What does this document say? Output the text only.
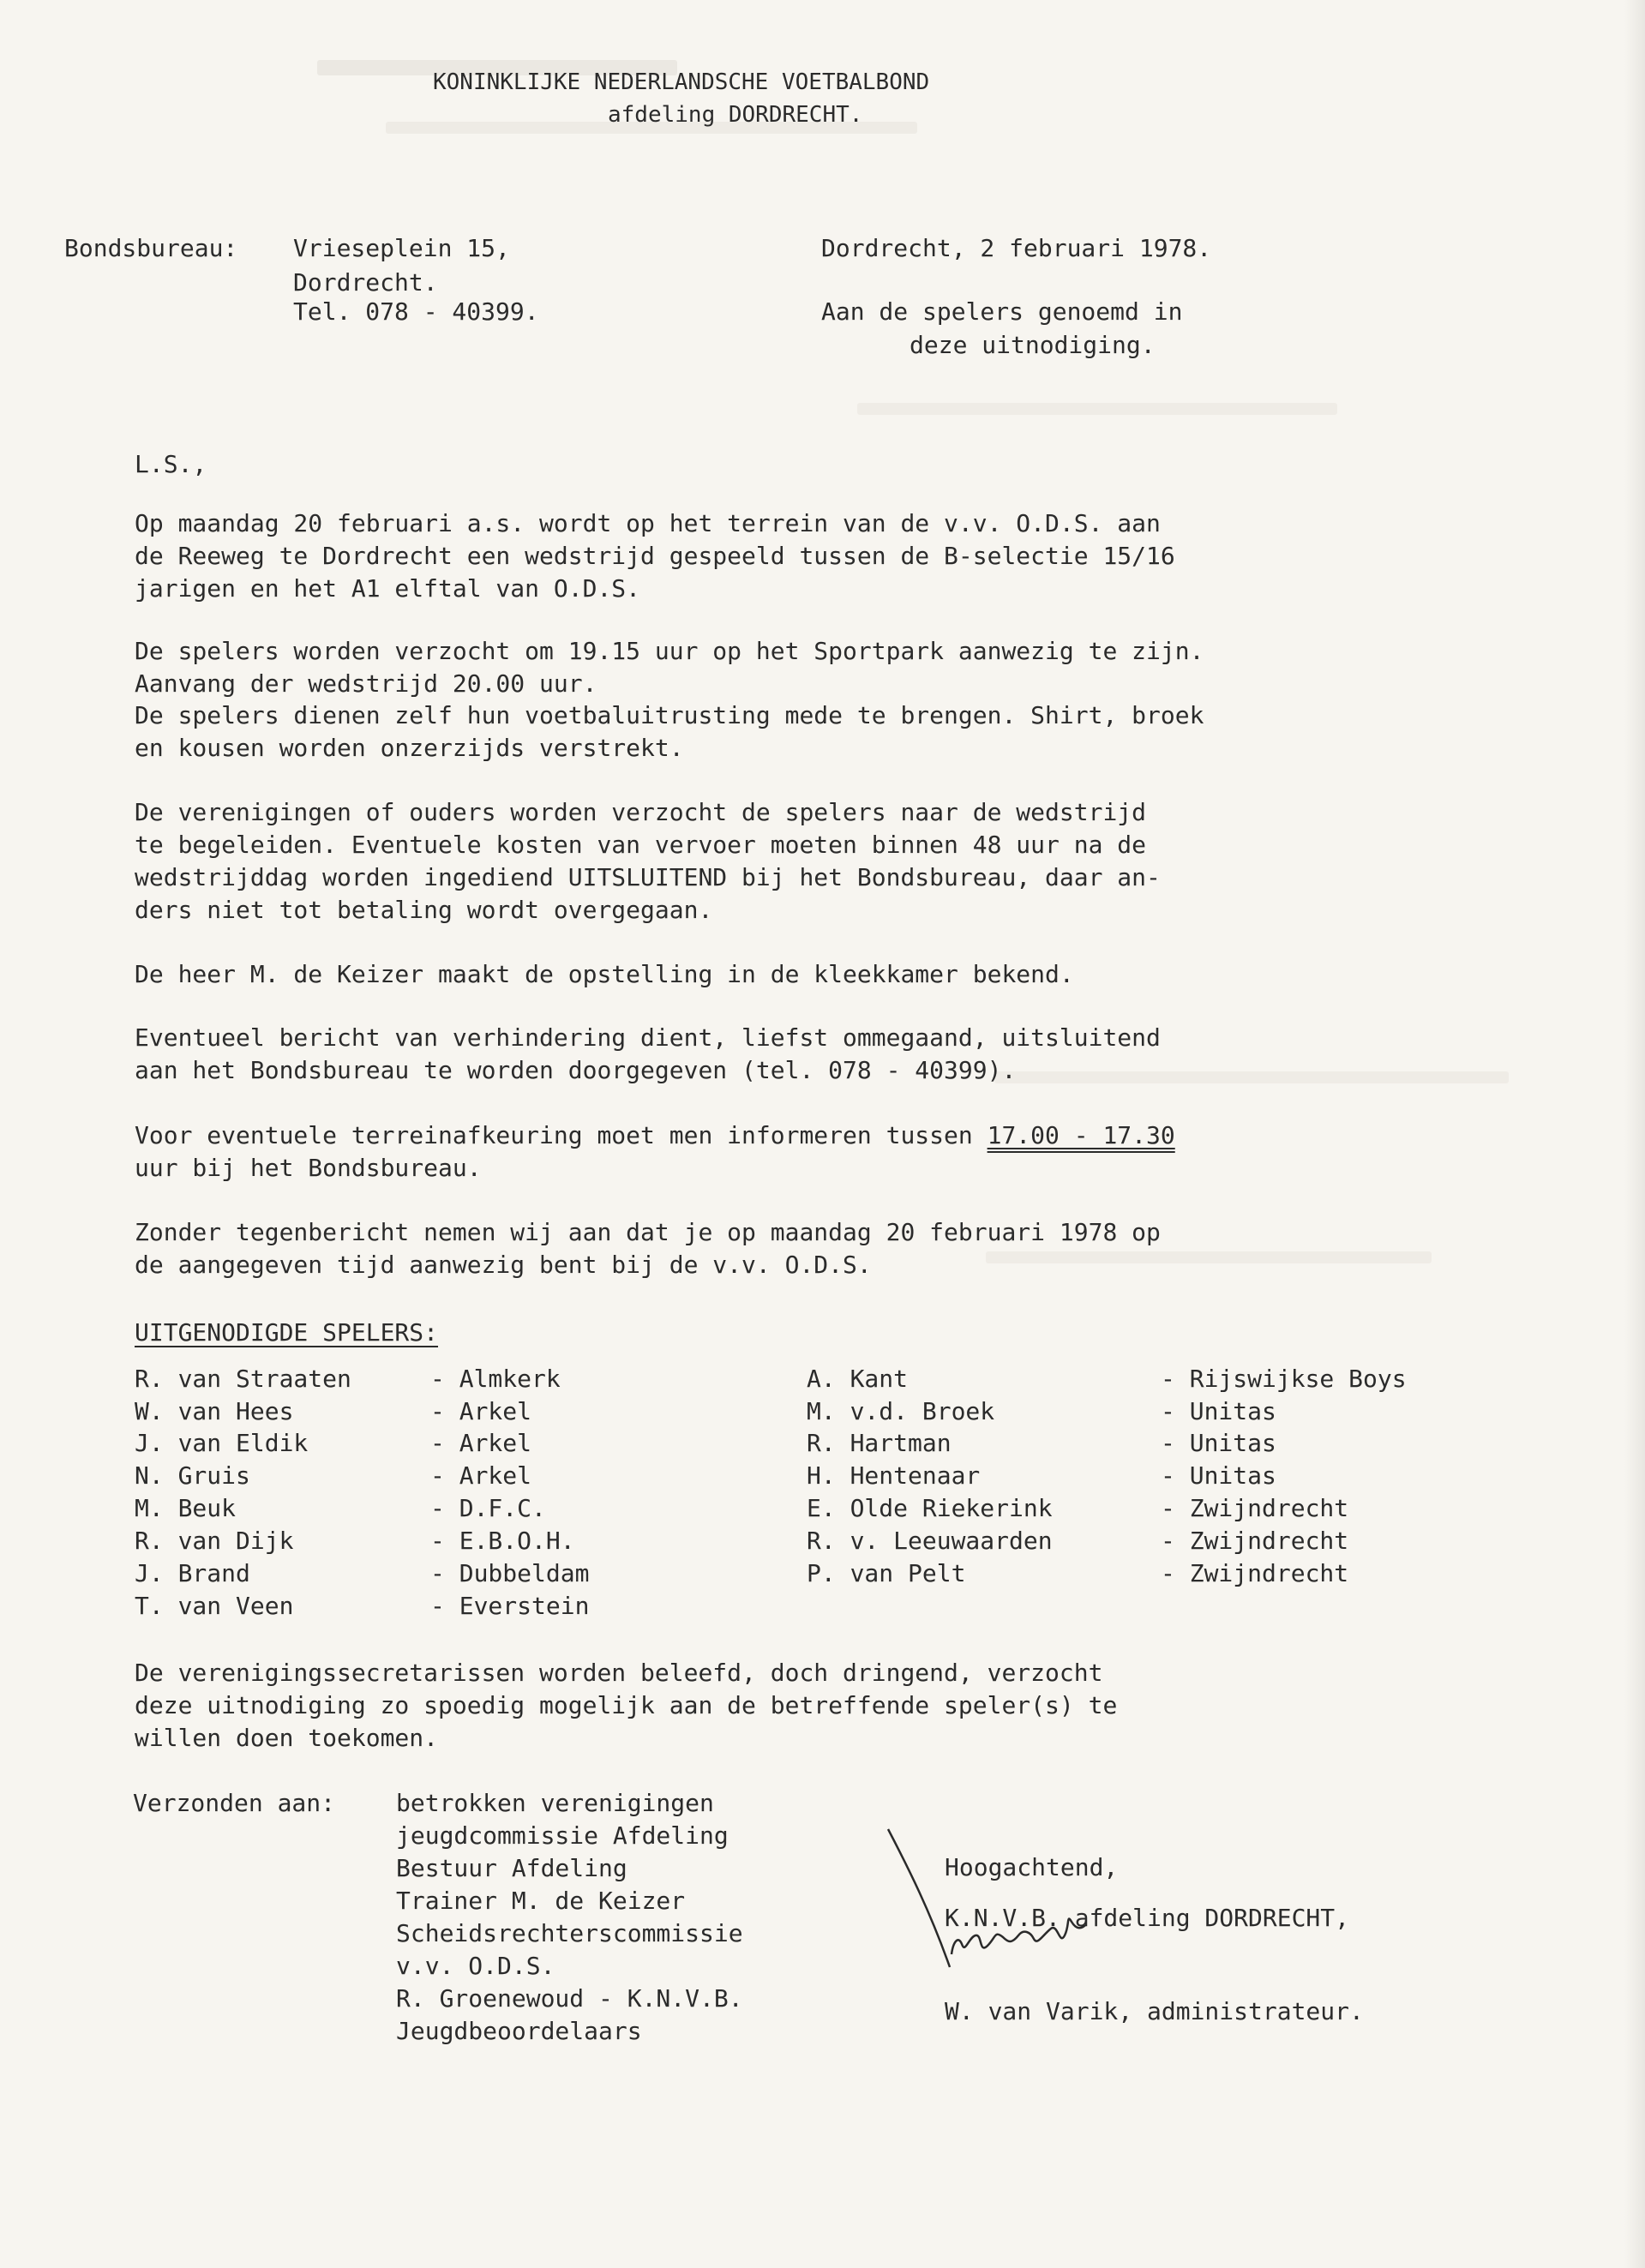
KONINKLIJKE NEDERLANDSCHE VOETBALBOND
afdeling DORDRECHT.
Bondsbureau: Vrieseplein 15,
Dordrecht.
Tel. 078 - 40399.
Dordrecht, 2 februari 1978.
Aan de spelers genoemd in
deze uitnodiging.
L.S.,
Op maandag 20 februari a.s. wordt op het terrein van de v.v. O.D.S. aan
de Reeweg te Dordrecht een wedstrijd gespeeld tussen de B-selectie 15/16
jarigen en het A1 elftal van O.D.S.
De spelers worden verzocht om 19.15 uur op het Sportpark aanwezig te zijn.
Aanvang der wedstrijd 20.00 uur.
De spelers dienen zelf hun voetbaluitrusting mede te brengen. Shirt, broek
en kousen worden onzerzijds verstrekt.
De verenigingen of ouders worden verzocht de spelers naar de wedstrijd
te begeleiden. Eventuele kosten van vervoer moeten binnen 48 uur na de
wedstrijddag worden ingediend UITSLUITEND bij het Bondsbureau, daar an-
ders niet tot betaling wordt overgegaan.
De heer M. de Keizer maakt de opstelling in de kleekkamer bekend.
Eventueel bericht van verhindering dient, liefst ommegaand, uitsluitend
aan het Bondsbureau te worden doorgegeven (tel. 078 - 40399).
Voor eventuele terreinafkeuring moet men informeren tussen 17.00 - 17.30
uur bij het Bondsbureau.
Zonder tegenbericht nemen wij aan dat je op maandag 20 februari 1978 op
de aangegeven tijd aanwezig bent bij de v.v. O.D.S.
UITGENODIGDE SPELERS:
R. van Straaten	- Almkerk
W. van Hees	- Arkel
J. van Eldik	- Arkel
N. Gruis	- Arkel
M. Beuk	- D.F.C.
R. van Dijk	- E.B.O.H.
J. Brand	- Dubbeldam
T. van Veen	- Everstein
A. Kant	- Rijswijkse Boys
M. v.d. Broek	- Unitas
R. Hartman	- Unitas
H. Hentenaar	- Unitas
E. Olde Riekerink	- Zwijndrecht
R. v. Leeuwaarden	- Zwijndrecht
P. van Pelt	- Zwijndrecht
De verenigingssecretarissen worden beleefd, doch dringend, verzocht
deze uitnodiging zo spoedig mogelijk aan de betreffende speler(s) te
willen doen toekomen.
Verzonden aan:	betrokken verenigingen
jeugdcommissie Afdeling
Bestuur Afdeling
Trainer M. de Keizer
Scheidsrechterscommissie
v.v. O.D.S.
R. Groenewoud - K.N.V.B.
Jeugdbeoordelaars
Hoogachtend,
K.N.V.B. afdeling DORDRECHT,
W. van Varik, administrateur.
